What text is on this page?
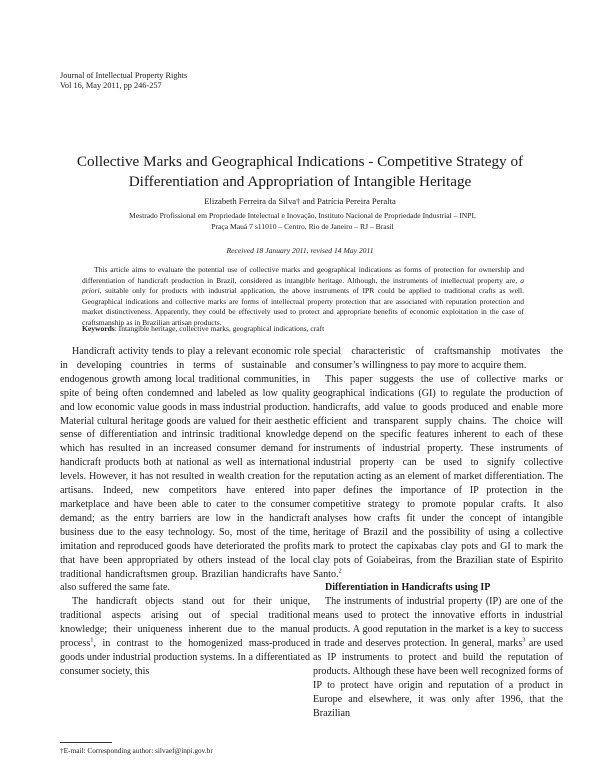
Journal of Intellectual Property Rights
Vol 16, May 2011, pp 246-257
Collective Marks and Geographical Indications - Competitive Strategy of
Differentiation and Appropriation of Intangible Heritage
Elizabeth Ferreira da Silva† and Patrícia Pereira Peralta
Mestrado Profissional em Propriedade Intelectual e Inovação, Instituto Nacional de Propriedade Industrial – INPI,
Praça Mauá 7 s11010 – Centro, Rio de Janeiro – RJ – Brasil
Received 18 January 2011, revised 14 May 2011

This article aims to evaluate the potential use of collective marks and geographical indications as forms of protection for ownership and differentiation of handicraft production in Brazil, considered as intangible heritage. Although, the instruments of intellectual property are, a priori, suitable only for products with industrial application, the above instruments of IPR could be applied to traditional crafts as well. Geographical indications and collective marks are forms of intellectual property protection that are associated with reputation protection and market distinctiveness. Apparently, they could be effectively used to protect and appropriate benefits of economic exploitation in the case of craftsmanship as in Brazilian artisan products.

Keywords: Intangible heritage, collective marks, geographical indications, craft

Handicraft activity tends to play a relevant economic role in developing countries in terms of sustainable and endogenous growth among local traditional communities, in spite of being often condemned and labeled as low quality and low economic value goods in mass industrial production. Material cultural heritage goods are valued for their aesthetic sense of differentiation and intrinsic traditional knowledge which has resulted in an increased consumer demand for handicraft products both at national as well as international levels. However, it has not resulted in wealth creation for the artisans. Indeed, new competitors have entered into marketplace and have been able to cater to the consumer demand; as the entry barriers are low in the handicraft business due to the easy technology. So, most of the time, imitation and reproduced goods have deteriorated the profits that have been appropriated by others instead of the local traditional handicraftsmen group. Brazilian handicrafts have also suffered the same fate.

The handicraft objects stand out for their unique, traditional aspects arising out of special traditional knowledge; their uniqueness inherent due to the manual process$^1$, in contrast to the homogenized mass-produced goods under industrial production systems. In a differentiated consumer society, this

special characteristic of craftsmanship motivates the consumer’s willingness to pay more to acquire them.

This paper suggests the use of collective marks or geographical indications (GI) to regulate the production of handicrafts, add value to goods produced and enable more efficient and transparent supply chains. The choice will depend on the specific features inherent to each of these instruments of industrial property. These instruments of industrial property can be used to signify collective reputation acting as an element of market differentiation. The paper defines the importance of IP protection in the competitive strategy to promote popular crafts. It also analyses how crafts fit under the concept of intangible heritage of Brazil and the possibility of using a collective mark to protect the capixabas clay pots and GI to mark the clay pots of Goiabeiras, from the Brazilian state of Espirito Santo.$^2$

Differentiation in Handicrafts using IP

The instruments of industrial property (IP) are one of the means used to protect the innovative efforts in industrial products. A good reputation in the market is a key to success in trade and deserves protection. In general, marks$^3$ are used as IP instruments to protect and build the reputation of products. Although these have been well recognized forms of IP to protect have origin and reputation of a product in Europe and elsewhere, it was only after 1996, that the Brazilian

†E-mail: Corresponding author: silvaef@inpi.gov.br
